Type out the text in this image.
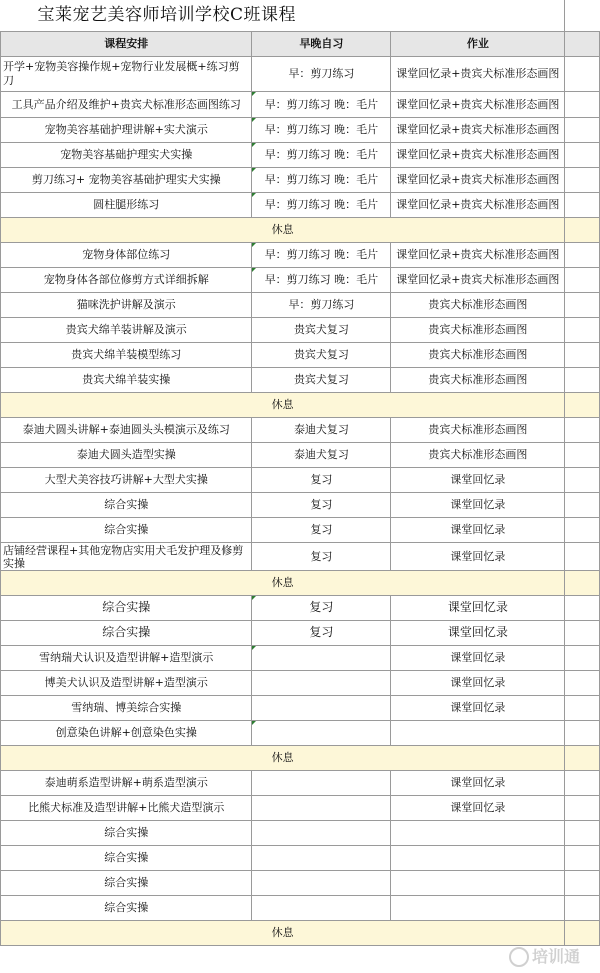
宝莱宠艺美容师培训学校C班课程			
课程安排	早晚自习	作业	
开学+宠物美容操作规+宠物行业发展概+练习剪刀	早：剪刀练习	课堂回忆录+贵宾犬标准形态画图	
工具产品介绍及维护+贵宾犬标准形态画图练习	早：剪刀练习 晚：毛片	课堂回忆录+贵宾犬标准形态画图	
宠物美容基础护理讲解+实犬演示	早：剪刀练习 晚：毛片	课堂回忆录+贵宾犬标准形态画图	
宠物美容基础护理实犬实操	早：剪刀练习 晚：毛片	课堂回忆录+贵宾犬标准形态画图	
剪刀练习+ 宠物美容基础护理实犬实操	早：剪刀练习 晚：毛片	课堂回忆录+贵宾犬标准形态画图	
圆柱腿形练习	早：剪刀练习 晚：毛片	课堂回忆录+贵宾犬标准形态画图	
休息			
宠物身体部位练习	早：剪刀练习 晚：毛片	课堂回忆录+贵宾犬标准形态画图	
宠物身体各部位修剪方式详细拆解	早：剪刀练习 晚：毛片	课堂回忆录+贵宾犬标准形态画图	
猫咪洗护讲解及演示	早：剪刀练习	贵宾犬标准形态画图	
贵宾犬绵羊装讲解及演示	贵宾犬复习	贵宾犬标准形态画图	
贵宾犬绵羊装模型练习	贵宾犬复习	贵宾犬标准形态画图	
贵宾犬绵羊装实操	贵宾犬复习	贵宾犬标准形态画图	
休息			
泰迪犬圆头讲解+泰迪圆头头模演示及练习	泰迪犬复习	贵宾犬标准形态画图	
泰迪犬圆头造型实操	泰迪犬复习	贵宾犬标准形态画图	
大型犬美容技巧讲解+大型犬实操	复习	课堂回忆录	
综合实操	复习	课堂回忆录	
综合实操	复习	课堂回忆录	
店铺经营课程+其他宠物店实用犬毛发护理及修剪实操	复习	课堂回忆录	
休息			
综合实操	复习	课堂回忆录	
综合实操	复习	课堂回忆录	
雪纳瑞犬认识及造型讲解+造型演示		课堂回忆录	
博美犬认识及造型讲解+造型演示		课堂回忆录	
雪纳瑞、博美综合实操		课堂回忆录	
创意染色讲解+创意染色实操			
休息			
泰迪萌系造型讲解+萌系造型演示		课堂回忆录	
比熊犬标准及造型讲解+比熊犬造型演示		课堂回忆录	
综合实操			
综合实操			
综合实操			
综合实操			
休息			
培训通
